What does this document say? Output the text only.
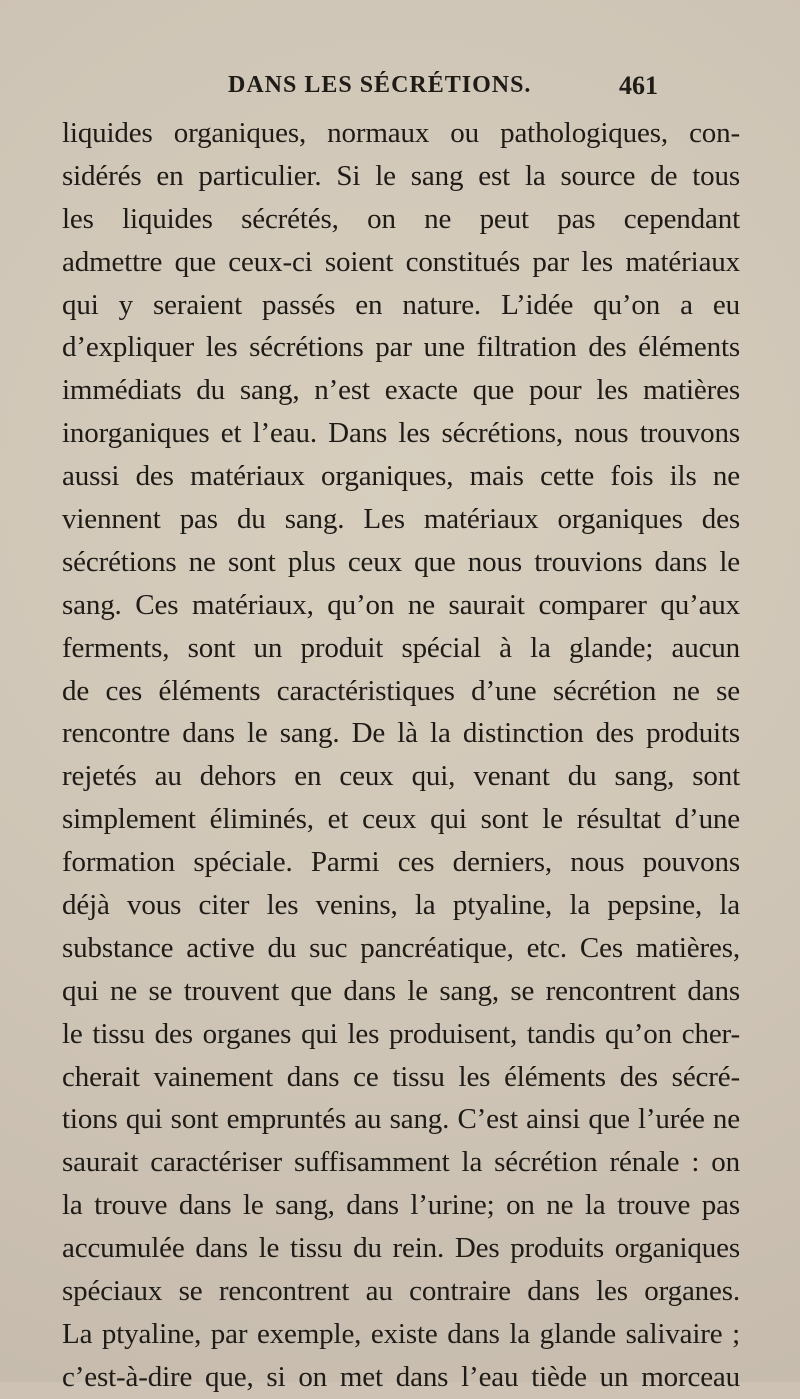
DANS LES SÉCRÉTIONS.	461
liquides organiques, normaux ou pathologiques, con-
sidérés en particulier. Si le sang est la source de tous
les liquides sécrétés, on ne peut pas cependant
admettre que ceux-ci soient constitués par les matériaux
qui y seraient passés en nature. L’idée qu’on a eu
d’expliquer les sécrétions par une filtration des éléments
immédiats du sang, n’est exacte que pour les matières
inorganiques et l’eau. Dans les sécrétions, nous trouvons
aussi des matériaux organiques, mais cette fois ils ne
viennent pas du sang. Les matériaux organiques des
sécrétions ne sont plus ceux que nous trouvions dans le
sang. Ces matériaux, qu’on ne saurait comparer qu’aux
ferments, sont un produit spécial à la glande; aucun
de ces éléments caractéristiques d’une sécrétion ne se
rencontre dans le sang. De là la distinction des produits
rejetés au dehors en ceux qui, venant du sang, sont
simplement éliminés, et ceux qui sont le résultat d’une
formation spéciale. Parmi ces derniers, nous pouvons
déjà vous citer les venins, la ptyaline, la pepsine, la
substance active du suc pancréatique, etc. Ces matières,
qui ne se trouvent que dans le sang, se rencontrent dans
le tissu des organes qui les produisent, tandis qu’on cher-
cherait vainement dans ce tissu les éléments des sécré-
tions qui sont empruntés au sang. C’est ainsi que l’urée ne
saurait caractériser suffisamment la sécrétion rénale : on
la trouve dans le sang, dans l’urine; on ne la trouve pas
accumulée dans le tissu du rein. Des produits organiques
spéciaux se rencontrent au contraire dans les organes.
La ptyaline, par exemple, existe dans la glande salivaire ;
c’est-à-dire que, si on met dans l’eau tiède un morceau
